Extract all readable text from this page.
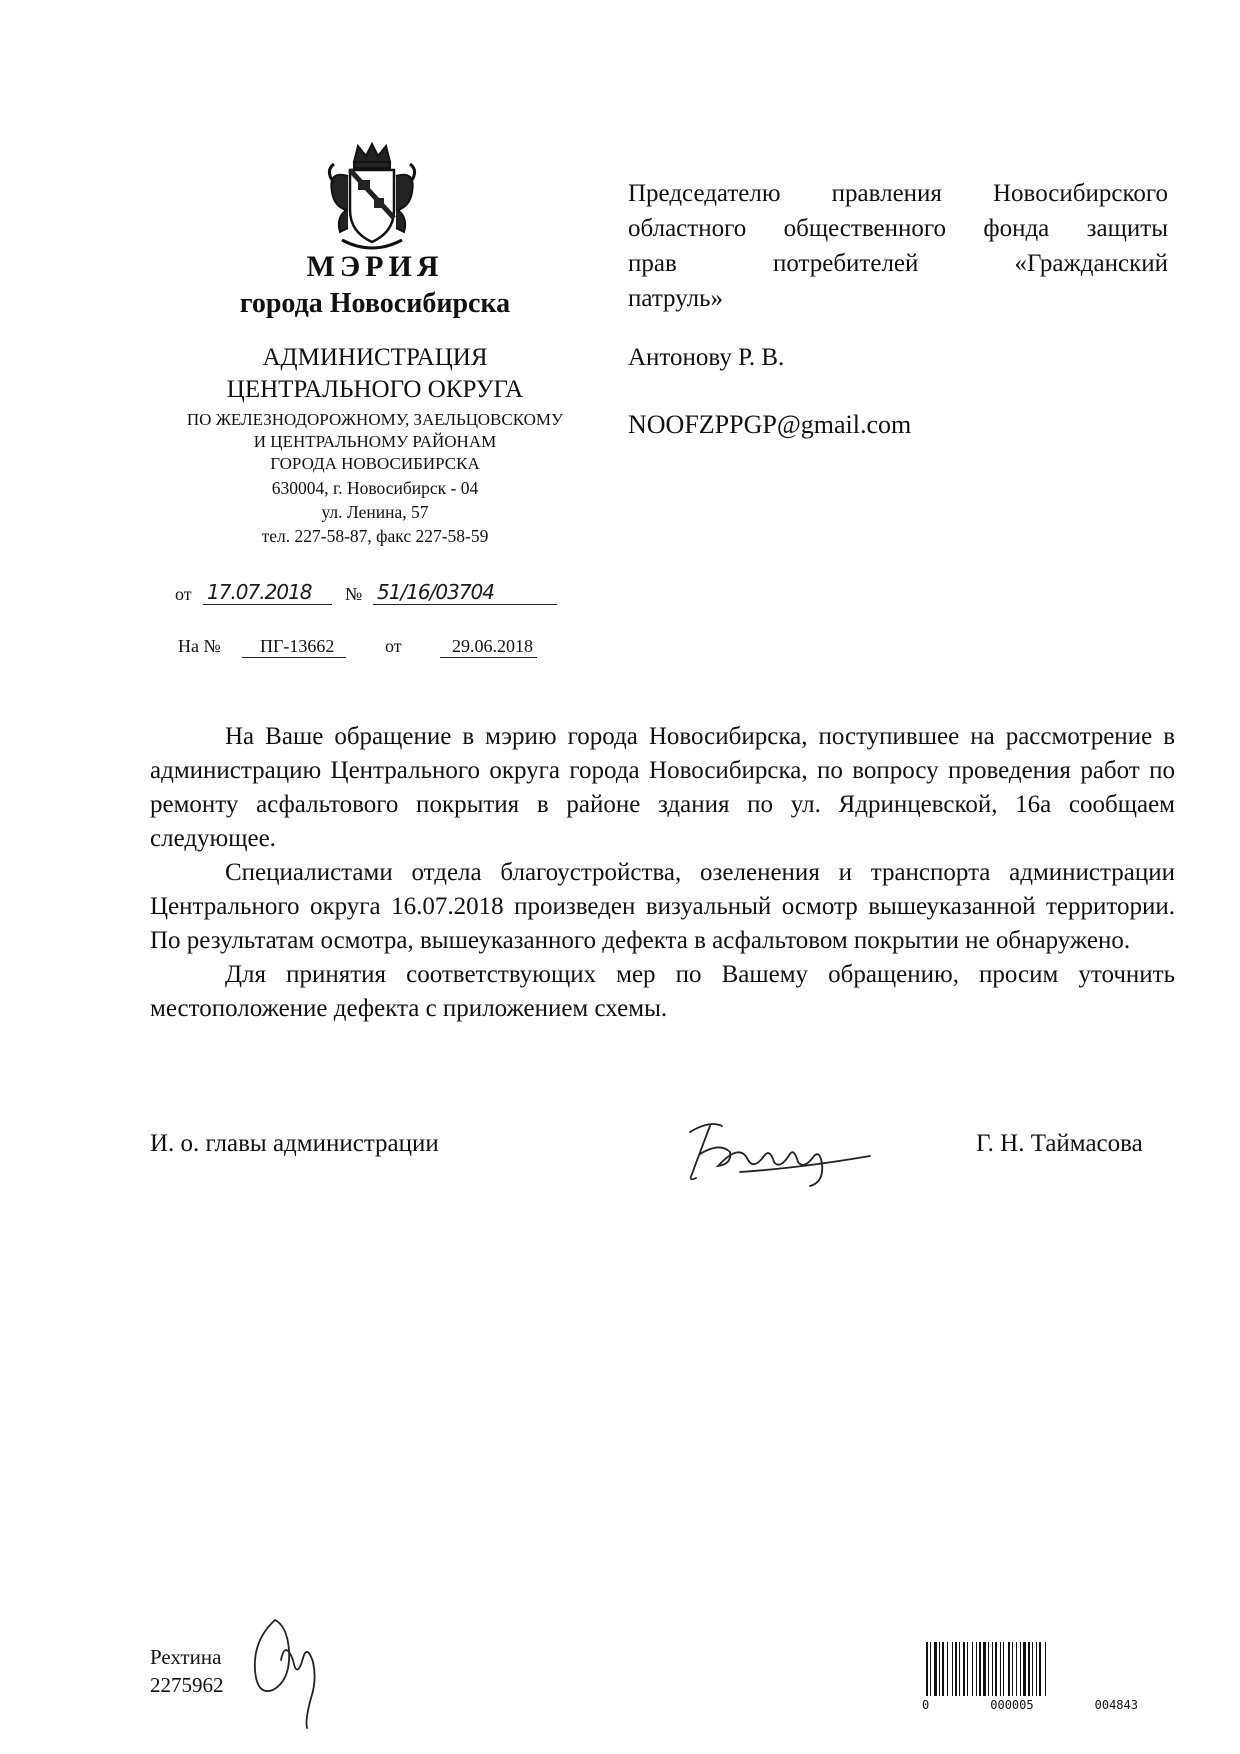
МЭРИЯ
города Новосибирска
АДМИНИСТРАЦИЯ
ЦЕНТРАЛЬНОГО ОКРУГА
ПО ЖЕЛЕЗНОДОРОЖНОМУ, ЗАЕЛЬЦОВСКОМУ
И ЦЕНТРАЛЬНОМУ РАЙОНАМ
ГОРОДА НОВОСИБИРСКА
630004, г. Новосибирск - 04
ул. Ленина, 57
тел. 227-58-87, факс 227-58-59
от 17.07.2018	№ 51/16/03704
На №	ПГ-13662	от	29.06.2018
Председателю правления Новосибирского
областного общественного фонда защиты
прав потребителей «Гражданский
патруль»
Антонову Р. В.
NOOFZPPGP@gmail.com

На Ваше обращение в мэрию города Новосибирска, поступившее на рассмотрение в администрацию Центрального округа города Новосибирска, по вопросу проведения работ по ремонту асфальтового покрытия в районе здания по ул. Ядринцевской, 16а сообщаем следующее.

Специалистами отдела благоустройства, озеленения и транспорта администрации Центрального округа 16.07.2018 произведен визуальный осмотр вышеуказанной территории. По результатам осмотра, вышеуказанного дефекта в асфальтовом покрытии не обнаружено.

Для принятия соответствующих мер по Вашему обращению, просим уточнить местоположение дефекта с приложением схемы.

И. о. главы администрации	Г. Н. Таймасова
Рехтина
2275962
0	000005	004843
